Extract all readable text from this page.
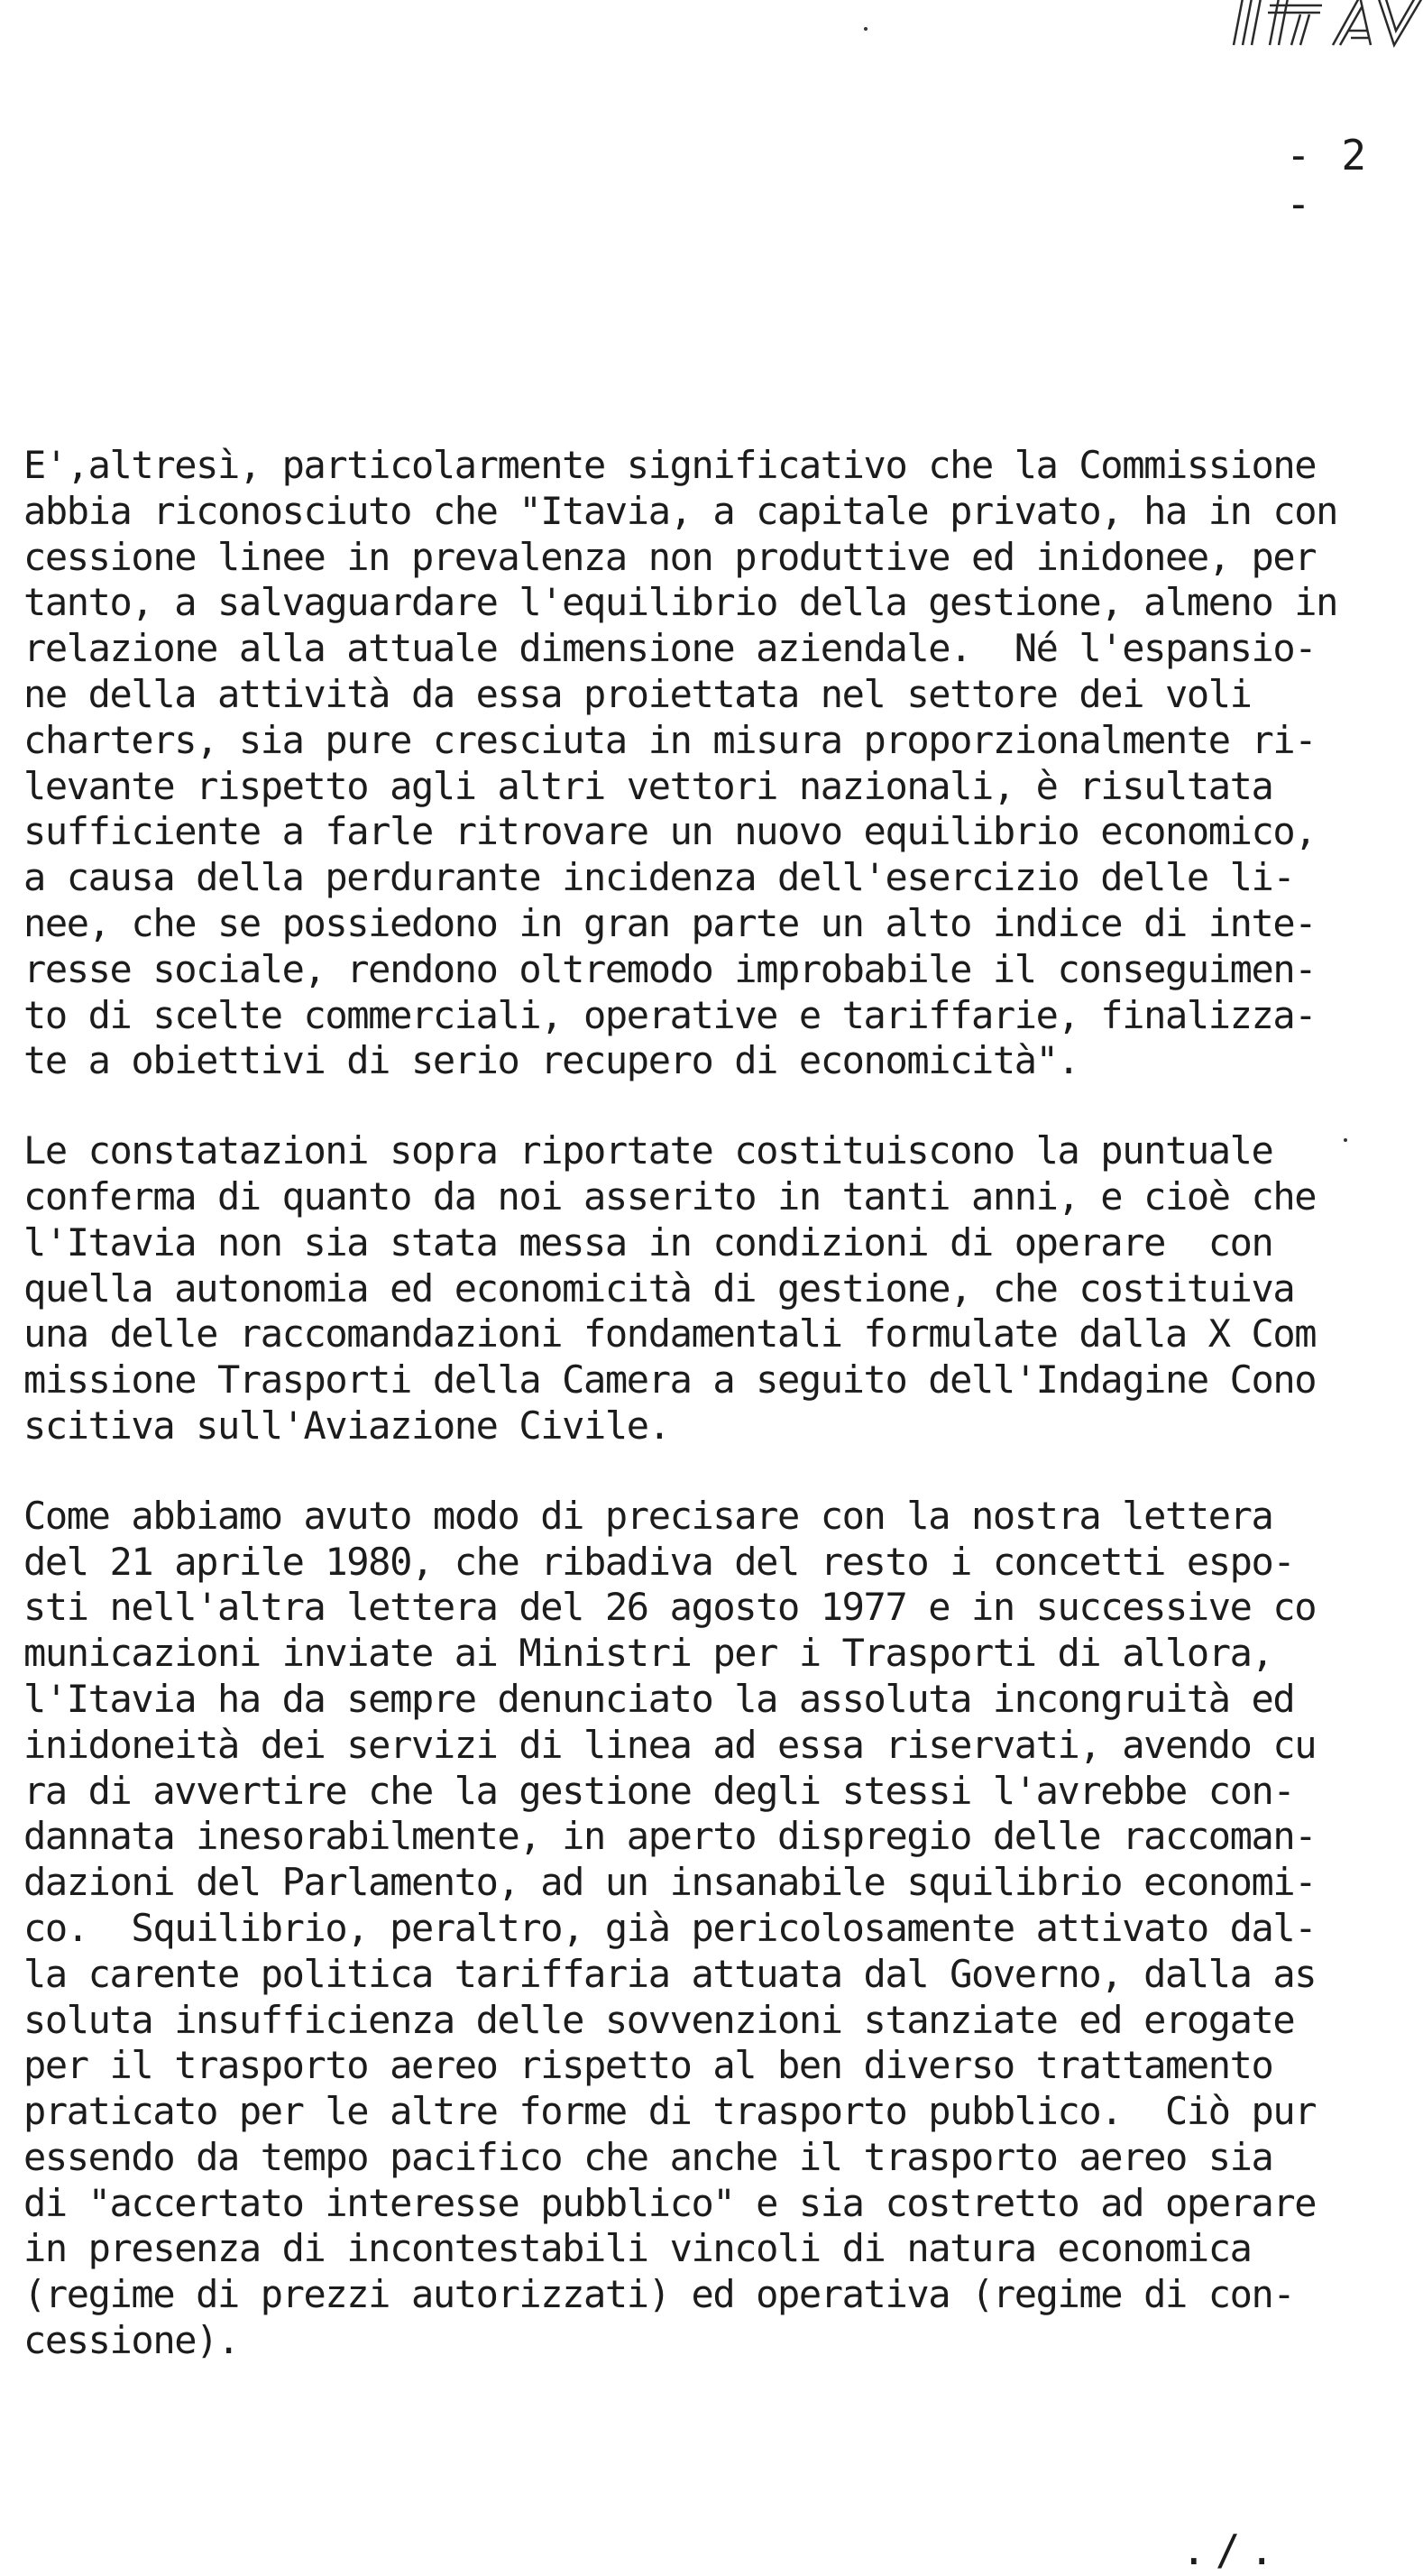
- 2 -
E',altresì, particolarmente significativo che la Commissione
abbia riconosciuto che "Itavia, a capitale privato, ha in con
cessione linee in prevalenza non produttive ed inidonee, per
tanto, a salvaguardare l'equilibrio della gestione, almeno in
relazione alla attuale dimensione aziendale.  Né l'espansio-
ne della attività da essa proiettata nel settore dei voli
charters, sia pure cresciuta in misura proporzionalmente ri-
levante rispetto agli altri vettori nazionali, è risultata
sufficiente a farle ritrovare un nuovo equilibrio economico,
a causa della perdurante incidenza dell'esercizio delle li-
nee, che se possiedono in gran parte un alto indice di inte-
resse sociale, rendono oltremodo improbabile il conseguimen-
to di scelte commerciali, operative e tariffarie, finalizza-
te a obiettivi di serio recupero di economicità".
Le constatazioni sopra riportate costituiscono la puntuale
conferma di quanto da noi asserito in tanti anni, e cioè che
l'Itavia non sia stata messa in condizioni di operare  con
quella autonomia ed economicità di gestione, che costituiva
una delle raccomandazioni fondamentali formulate dalla X Com
missione Trasporti della Camera a seguito dell'Indagine Cono
scitiva sull'Aviazione Civile.
Come abbiamo avuto modo di precisare con la nostra lettera
del 21 aprile 1980, che ribadiva del resto i concetti espo-
sti nell'altra lettera del 26 agosto 1977 e in successive co
municazioni inviate ai Ministri per i Trasporti di allora,
l'Itavia ha da sempre denunciato la assoluta incongruità ed
inidoneità dei servizi di linea ad essa riservati, avendo cu
ra di avvertire che la gestione degli stessi l'avrebbe con-
dannata inesorabilmente, in aperto dispregio delle raccoman-
dazioni del Parlamento, ad un insanabile squilibrio economi-
co.  Squilibrio, peraltro, già pericolosamente attivato dal-
la carente politica tariffaria attuata dal Governo, dalla as
soluta insufficienza delle sovvenzioni stanziate ed erogate
per il trasporto aereo rispetto al ben diverso trattamento
praticato per le altre forme di trasporto pubblico.  Ciò pur
essendo da tempo pacifico che anche il trasporto aereo sia
di "accertato interesse pubblico" e sia costretto ad operare
in presenza di incontestabili vincoli di natura economica
(regime di prezzi autorizzati) ed operativa (regime di con-
cessione).
./.
